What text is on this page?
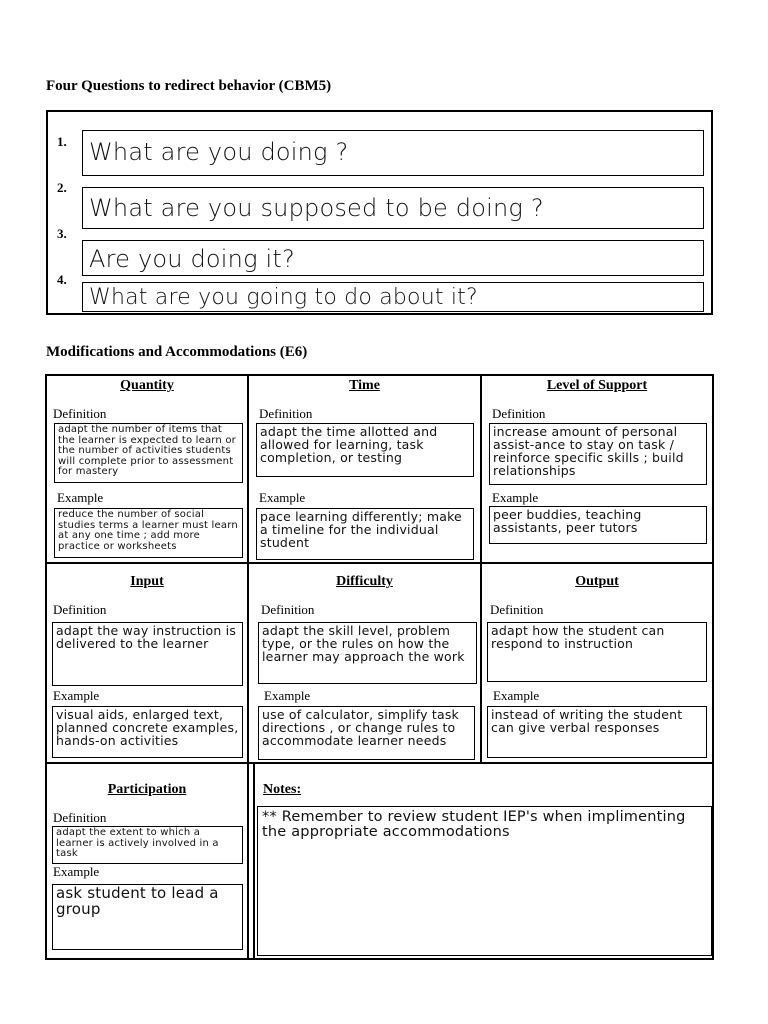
Four Questions to redirect behavior (CBM5)
1. What are you doing ?
2.
What are you supposed to be doing ?
3.
Are you doing it?
4.
What are you going to do about it?
Modifications and Accommodations (E6)
Quantity
Definition
adapt the number of items that the learner is expected to learn or the number of activities students will complete prior to assessment for mastery
Example
reduce the number of social studies terms a learner must learn at any one time ; add more practice or worksheets
Time
Definition
adapt the time allotted and allowed for learning, task completion, or testing
Example
pace learning differently; make a timeline for the individual student
Level of Support
Definition
increase amount of personal assist-ance to stay on task / reinforce specific skills ; build relationships
Example
peer buddies, teaching assistants, peer tutors
Input
Definition
adapt the way instruction is delivered to the learner
Example
visual aids, enlarged text, planned concrete examples, hands-on activities
Difficulty
Definition
adapt the skill level, problem type, or the rules on how the learner may approach the work
Example
use of calculator, simplify task directions , or change rules to accommodate learner needs
Output
Definition
adapt how the student can respond to instruction
Example
instead of writing the student can give verbal responses
Participation
Definition
adapt the extent to which a learner is actively involved in a task
Example
ask student to lead a group
Notes:
** Remember to review student IEP's when implimenting the appropriate accommodations
